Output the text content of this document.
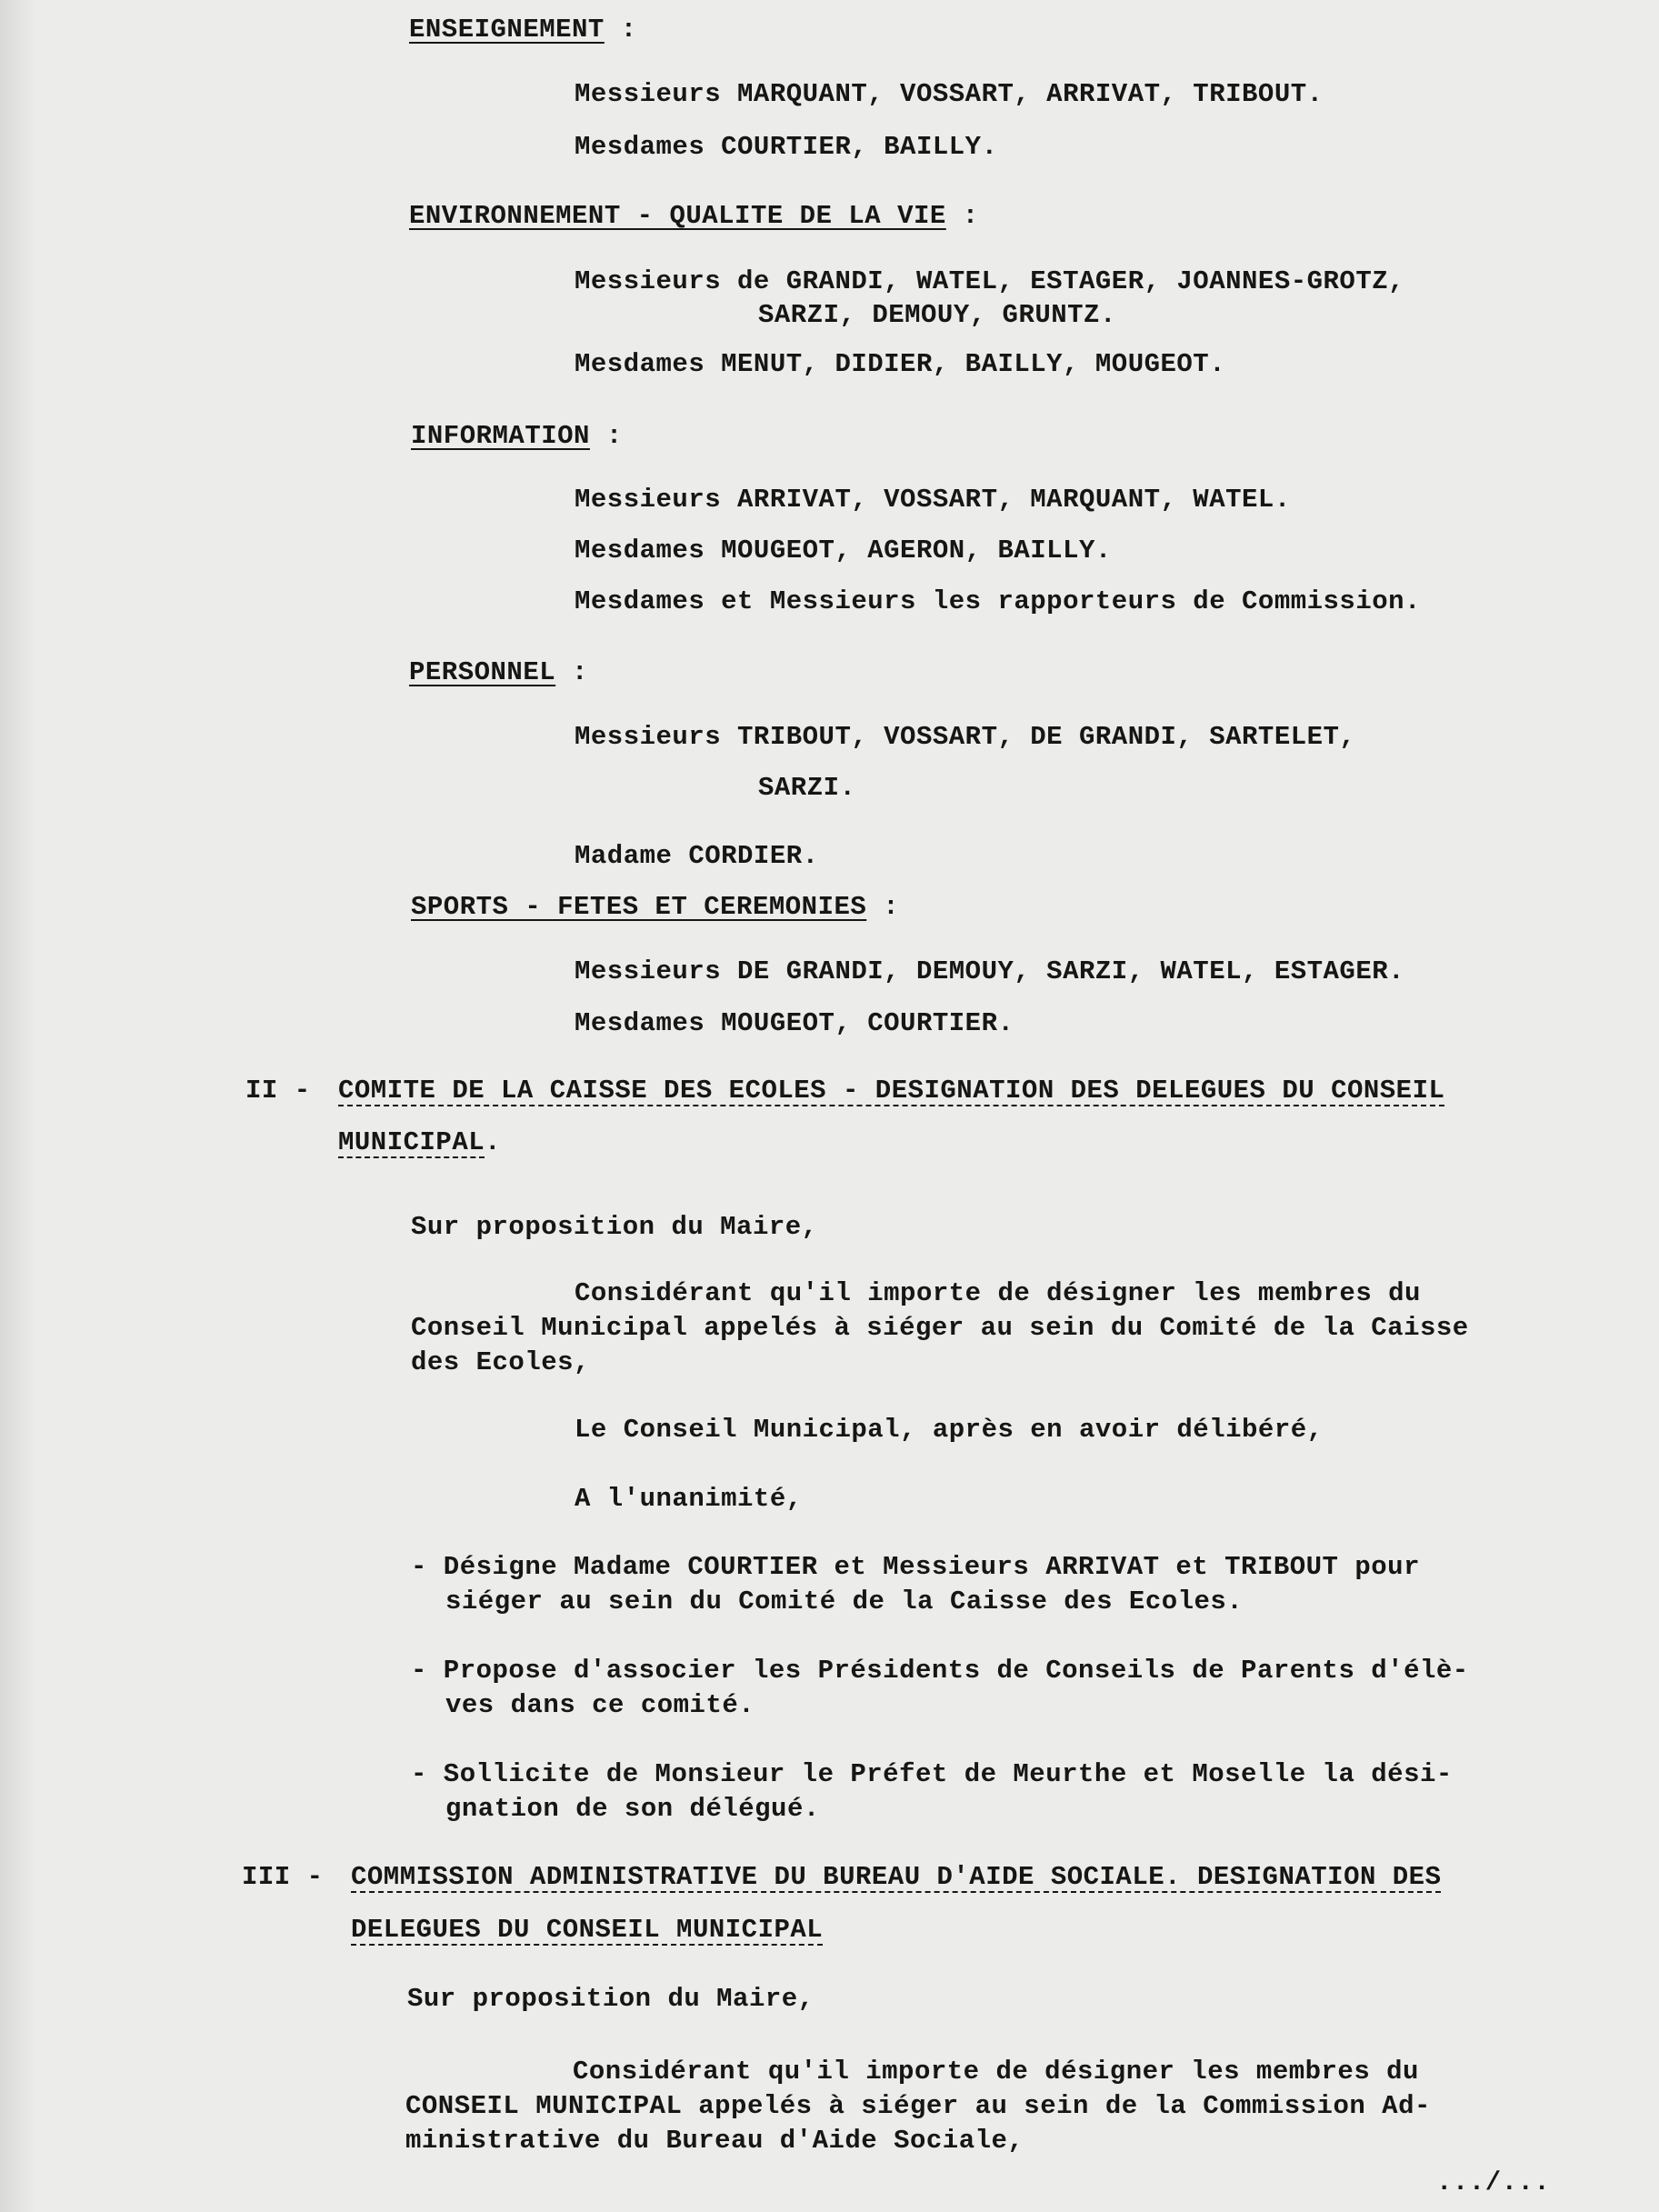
ENSEIGNEMENT :

Messieurs MARQUANT, VOSSART, ARRIVAT, TRIBOUT.

Mesdames COURTIER, BAILLY.

ENVIRONNEMENT - QUALITE DE LA VIE :

Messieurs de GRANDI, WATEL, ESTAGER, JOANNES-GROTZ,

SARZI, DEMOUY, GRUNTZ.

Mesdames MENUT, DIDIER, BAILLY, MOUGEOT.

INFORMATION :

Messieurs ARRIVAT, VOSSART, MARQUANT, WATEL.

Mesdames MOUGEOT, AGERON, BAILLY.

Mesdames et Messieurs les rapporteurs de Commission.

PERSONNEL :

Messieurs TRIBOUT, VOSSART, DE GRANDI, SARTELET,

SARZI.

Madame CORDIER.

SPORTS - FETES ET CEREMONIES :

Messieurs DE GRANDI, DEMOUY, SARZI, WATEL, ESTAGER.

Mesdames MOUGEOT, COURTIER.

II - COMITE DE LA CAISSE DES ECOLES - DESIGNATION DES DELEGUES DU CONSEIL

MUNICIPAL.

Sur proposition du Maire,

Considérant qu'il importe de désigner les membres du

Conseil Municipal appelés à siéger au sein du Comité de la Caisse

des Ecoles,

Le Conseil Municipal, après en avoir délibéré,

A l'unanimité,

- Désigne Madame COURTIER et Messieurs ARRIVAT et TRIBOUT pour

siéger au sein du Comité de la Caisse des Ecoles.

- Propose d'associer les Présidents de Conseils de Parents d'élè-

ves dans ce comité.

- Sollicite de Monsieur le Préfet de Meurthe et Moselle la dési-

gnation de son délégué.

III - COMMISSION ADMINISTRATIVE DU BUREAU D'AIDE SOCIALE. DESIGNATION DES

DELEGUES DU CONSEIL MUNICIPAL

Sur proposition du Maire,

Considérant qu'il importe de désigner les membres du

CONSEIL MUNICIPAL appelés à siéger au sein de la Commission Ad-

ministrative du Bureau d'Aide Sociale,

.../...
